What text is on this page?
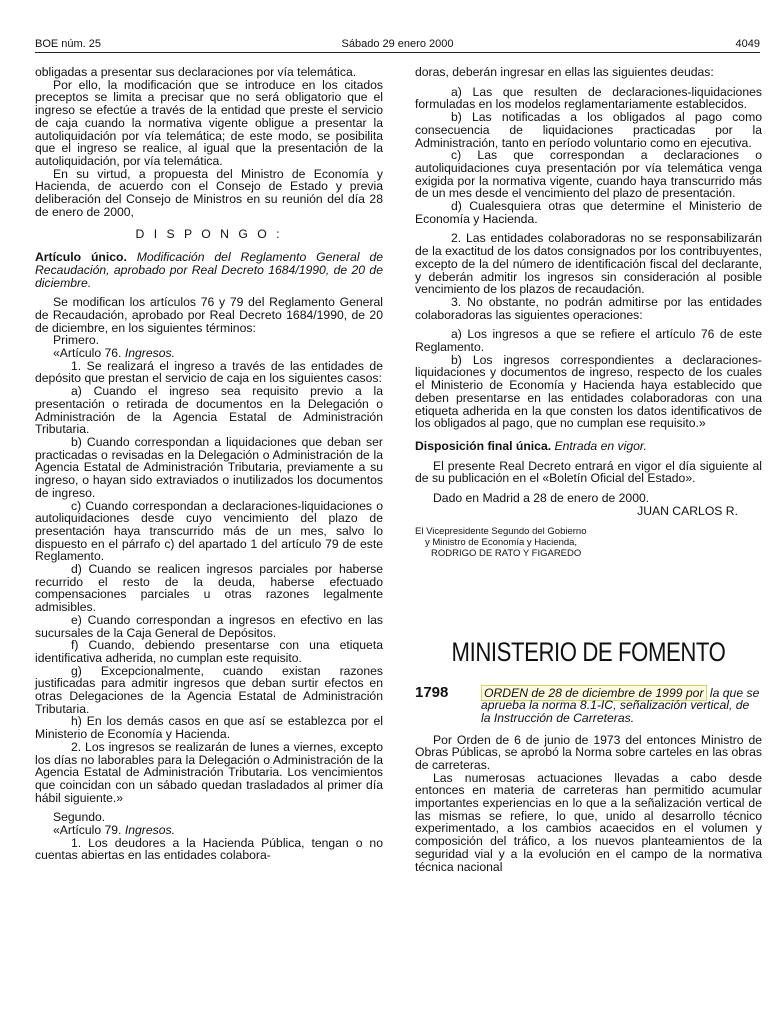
BOE núm. 25	Sábado 29 enero 2000	4049

obligadas a presentar sus declaraciones por vía telemática.

Por ello, la modificación que se introduce en los citados preceptos se limita a precisar que no será obligatorio que el ingreso se efectúe a través de la entidad que preste el servicio de caja cuando la normativa vigente obligue a presentar la autoliquidación por vía telemática; de este modo, se posibilita que el ingreso se realice, al igual que la presentación de la autoliquidación, por vía telemática.

En su virtud, a propuesta del Ministro de Economía y Hacienda, de acuerdo con el Consejo de Estado y previa deliberación del Consejo de Ministros en su reunión del día 28 de enero de 2000,

D I S P O N G O :

Artículo único. Modificación del Reglamento General de Recaudación, aprobado por Real Decreto 1684/1990, de 20 de diciembre.

Se modifican los artículos 76 y 79 del Reglamento General de Recaudación, aprobado por Real Decreto 1684/1990, de 20 de diciembre, en los siguientes términos:

Primero.

«Artículo 76. Ingresos.

1. Se realizará el ingreso a través de las entidades de depósito que prestan el servicio de caja en los siguientes casos:

a) Cuando el ingreso sea requisito previo a la presentación o retirada de documentos en la Delegación o Administración de la Agencia Estatal de Administración Tributaria.

b) Cuando correspondan a liquidaciones que deban ser practicadas o revisadas en la Delegación o Administración de la Agencia Estatal de Administración Tributaria, previamente a su ingreso, o hayan sido extraviados o inutilizados los documentos de ingreso.

c) Cuando correspondan a declaraciones-liquidaciones o autoliquidaciones desde cuyo vencimiento del plazo de presentación haya transcurrido más de un mes, salvo lo dispuesto en el párrafo c) del apartado 1 del artículo 79 de este Reglamento.

d) Cuando se realicen ingresos parciales por haberse recurrido el resto de la deuda, haberse efectuado compensaciones parciales u otras razones legalmente admisibles.

e) Cuando correspondan a ingresos en efectivo en las sucursales de la Caja General de Depósitos.

f) Cuando, debiendo presentarse con una etiqueta identificativa adherida, no cumplan este requisito.

g) Excepcionalmente, cuando existan razones justificadas para admitir ingresos que deban surtir efectos en otras Delegaciones de la Agencia Estatal de Administración Tributaria.

h) En los demás casos en que así se establezca por el Ministerio de Economía y Hacienda.

2. Los ingresos se realizarán de lunes a viernes, excepto los días no laborables para la Delegación o Administración de la Agencia Estatal de Administración Tributaria. Los vencimientos que coincidan con un sábado quedan trasladados al primer día hábil siguiente.»

Segundo.

«Artículo 79. Ingresos.

1. Los deudores a la Hacienda Pública, tengan o no cuentas abiertas en las entidades colabora-

doras, deberán ingresar en ellas las siguientes deudas:

a) Las que resulten de declaraciones-liquidaciones formuladas en los modelos reglamentariamente establecidos.

b) Las notificadas a los obligados al pago como consecuencia de liquidaciones practicadas por la Administración, tanto en período voluntario como en ejecutiva.

c) Las que correspondan a declaraciones o autoliquidaciones cuya presentación por vía telemática venga exigida por la normativa vigente, cuando haya transcurrido más de un mes desde el vencimiento del plazo de presentación.

d) Cualesquiera otras que determine el Ministerio de Economía y Hacienda.

2. Las entidades colaboradoras no se responsabilizarán de la exactitud de los datos consignados por los contribuyentes, excepto de la del número de identificación fiscal del declarante, y deberán admitir los ingresos sin consideración al posible vencimiento de los plazos de recaudación.

3. No obstante, no podrán admitirse por las entidades colaboradoras las siguientes operaciones:

a) Los ingresos a que se refiere el artículo 76 de este Reglamento.

b) Los ingresos correspondientes a declaraciones-liquidaciones y documentos de ingreso, respecto de los cuales el Ministerio de Economía y Hacienda haya establecido que deben presentarse en las entidades colaboradoras con una etiqueta adherida en la que consten los datos identificativos de los obligados al pago, que no cumplan ese requisito.»

Disposición final única. Entrada en vigor.

El presente Real Decreto entrará en vigor el día siguiente al de su publicación en el «Boletín Oficial del Estado».

Dado en Madrid a 28 de enero de 2000.

JUAN CARLOS R.

El Vicepresidente Segundo del Gobierno
y Ministro de Economía y Hacienda,
RODRIGO DE RATO Y FIGAREDO
MINISTERIO DE FOMENTO
1798	ORDEN de 28 de diciembre de 1999 por la que se aprueba la norma 8.1-IC, señalización vertical, de la Instrucción de Carreteras.

Por Orden de 6 de junio de 1973 del entonces Ministro de Obras Públicas, se aprobó la Norma sobre carteles en las obras de carreteras.

Las numerosas actuaciones llevadas a cabo desde entonces en materia de carreteras han permitido acumular importantes experiencias en lo que a la señalización vertical de las mismas se refiere, lo que, unido al desarrollo técnico experimentado, a los cambios acaecidos en el volumen y composición del tráfico, a los nuevos planteamientos de la seguridad vial y a la evolución en el campo de la normativa técnica nacional
